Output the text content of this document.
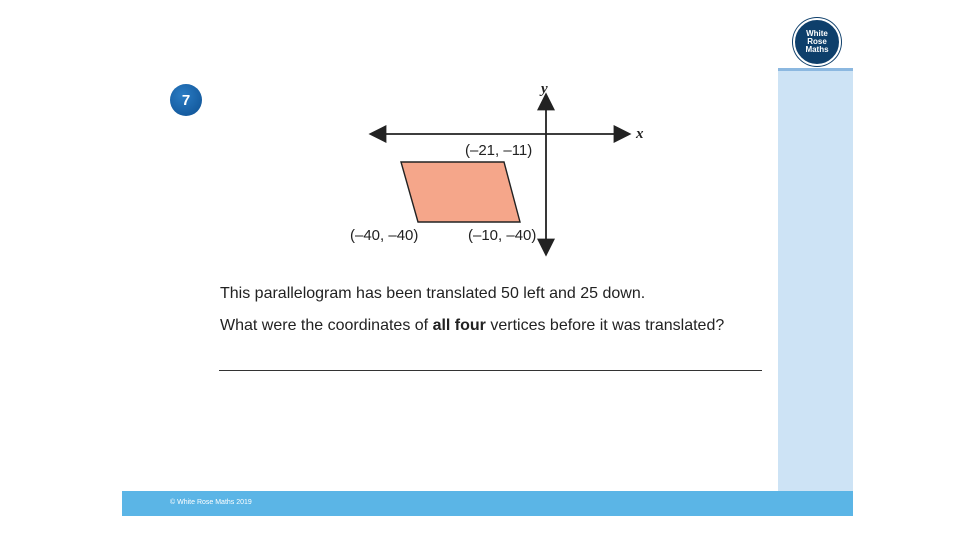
White
Rose
Maths
7
x
y
(–21, –11)
(–40, –40)	(–10, –40)
This parallelogram has been translated 50 left and 25 down.
What were the coordinates of all four vertices before it was translated?
© White Rose Maths 2019
